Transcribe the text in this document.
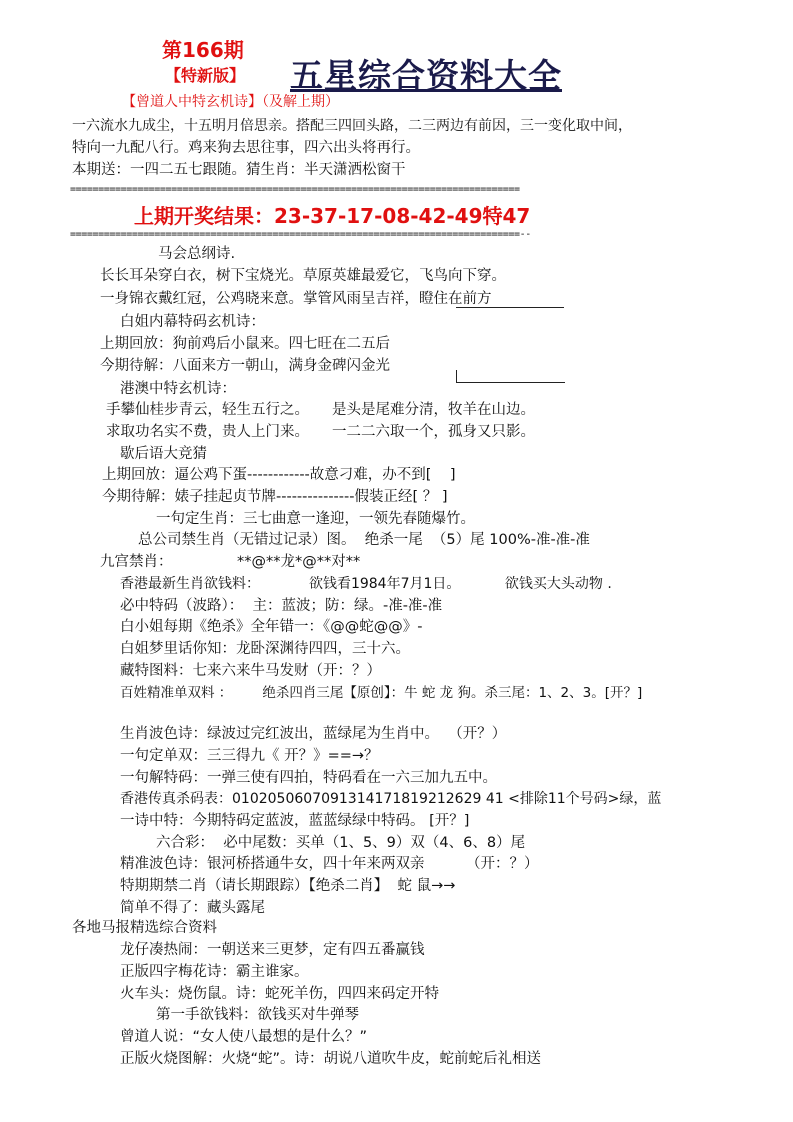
第166期
【特新版】 五星综合资料大全
【曾道人中特玄机诗】（及解上期）
一六流水九成尘，十五明月倍思亲。搭配三四回头路，二三两边有前因，三一变化取中间，
特向一九配八行。鸡来狗去思往事，四六出头将再行。
本期送：一四二五七跟随。猜生肖：半天潇洒松窗干
================================================================================
上期开奖结果：23-37-17-08-42-49特47
================================================================================--
马会总纲诗.
长长耳朵穿白衣，树下宝烧光。草原英雄最爱它，飞鸟向下穿。
一身锦衣戴红冠，公鸡晓来意。掌管风雨呈吉祥，瞪住在前方
白姐内幕特码玄机诗：
上期回放：狗前鸡后小鼠来。四七旺在二五后
今期待解：八面来方一朝山，满身金碑闪金光
港澳中特玄机诗：
手攀仙桂步青云，轻生五行之。     是头是尾难分清，牧羊在山边。
求取功名实不费，贵人上门来。     一二二六取一个，孤身又只影。
歇后语大竞猜
上期回放：逼公鸡下蛋------------故意刁难，办不到[    ]
今期待解：婊子挂起贞节牌---------------假装正经[ ？ ]
一句定生肖：三七曲意一逢迎，一领先春随爆竹。
总公司禁生肖（无错过记录）图。  绝杀一尾  （5）尾 100%-准-准-准
九宫禁肖：              **@**龙*@**对**
香港最新生肖欲钱料：           欲钱看1984年7月1日。          欲钱买大头动物 .
必中特码（波路）：  主：蓝波；防：绿。-准-准-准
白小姐每期《绝杀》全年错一：《@@蛇@@》-
白姐梦里话你知：龙卧深渊待四四，三十六。
藏特图料：七来六来牛马发财（开：？）
百姓精准单双料 ：       绝杀四肖三尾【原创】：牛 蛇 龙 狗。杀三尾：1、2、3。[开？]
生肖波色诗：绿波过完红波出，蓝绿尾为生肖中。  （开？）
一句定单双：三三得九《 开？》==→？
一句解特码：一弹三使有四拍，特码看在一六三加九五中。
香港传真杀码表：0102050607091314171819212629 41 <排除11个号码>绿，蓝
一诗中特：今期特码定蓝波，蓝蓝绿绿中特码。 [开？]
六合彩：  必中尾数：买单（1、5、9）双（4、6、8）尾
精准波色诗：银河桥搭通牛女，四十年来两双亲         （开：？）
特期期禁二肖（请长期跟踪）【绝杀二肖】  蛇 鼠→→
简单不得了：藏头露尾
各地马报精选综合资料
龙仔凑热闹：一朝送来三更梦，定有四五番赢钱
正版四字梅花诗：霸主谁家。
火车头：烧伤鼠。诗：蛇死羊伤，四四来码定开特
第一手欲钱料：欲钱买对牛弹琴
曾道人说：“女人使八最想的是什么？”
正版火烧图解：火烧“蛇”。诗：胡说八道吹牛皮，蛇前蛇后礼相送
